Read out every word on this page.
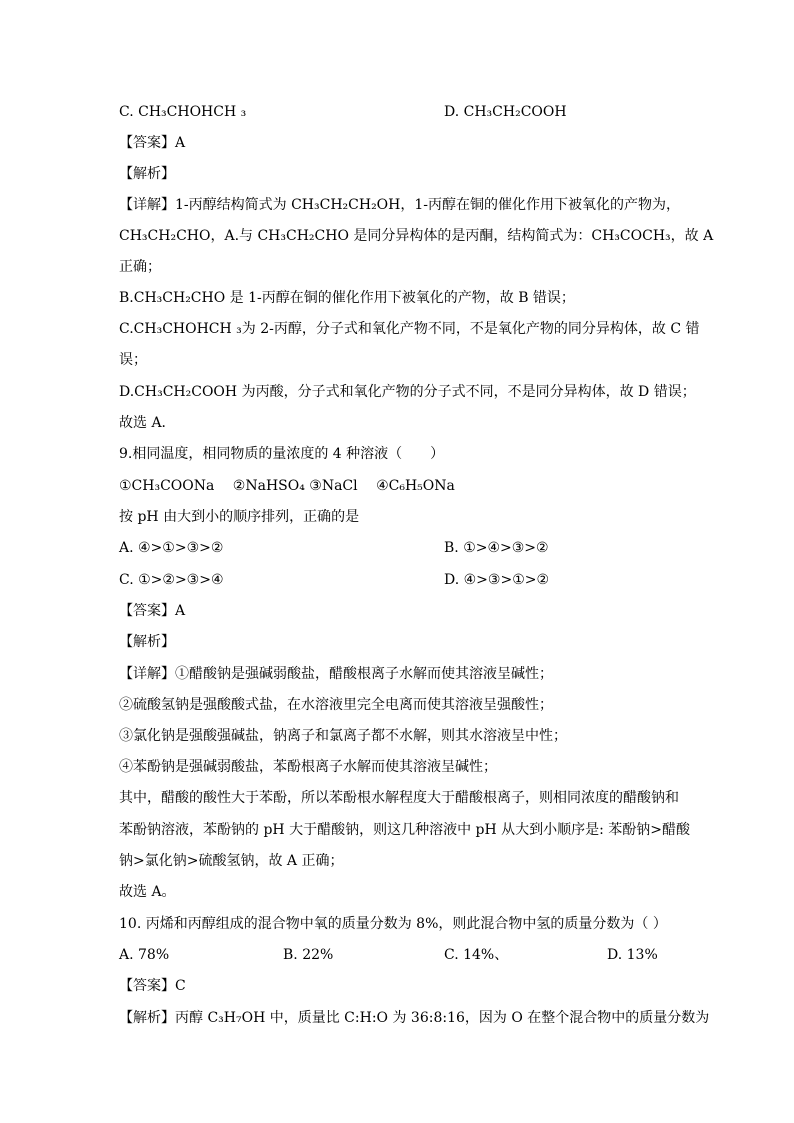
C. CH₃CHOHCH ₃	D. CH₃CH₂COOH
【答案】A
【解析】
【详解】1-丙醇结构简式为 CH₃CH₂CH₂OH，1-丙醇在铜的催化作用下被氧化的产物为，
CH₃CH₂CHO，A.与 CH₃CH₂CHO 是同分异构体的是丙酮，结构简式为：CH₃COCH₃，故 A
正确；
B.CH₃CH₂CHO 是 1-丙醇在铜的催化作用下被氧化的产物，故 B 错误；
C.CH₃CHOHCH ₃为 2-丙醇，分子式和氧化产物不同，不是氧化产物的同分异构体，故 C 错
误；
D.CH₃CH₂COOH 为丙酸，分子式和氧化产物的分子式不同，不是同分异构体，故 D 错误；
故选 A．
9.相同温度，相同物质的量浓度的 4 种溶液（　　）
①CH₃COONa　 ②NaHSO₄ ③NaCl　 ④C₆H₅ONa
按 pH 由大到小的顺序排列，正确的是
A. ④>①>③>②	B. ①>④>③>②
C. ①>②>③>④	D. ④>③>①>②
【答案】A
【解析】
【详解】①醋酸钠是强碱弱酸盐，醋酸根离子水解而使其溶液呈碱性；
②硫酸氢钠是强酸酸式盐，在水溶液里完全电离而使其溶液呈强酸性；
③氯化钠是强酸强碱盐，钠离子和氯离子都不水解，则其水溶液呈中性；
④苯酚钠是强碱弱酸盐，苯酚根离子水解而使其溶液呈碱性；
其中，醋酸的酸性大于苯酚，所以苯酚根水解程度大于醋酸根离子，则相同浓度的醋酸钠和
苯酚钠溶液，苯酚钠的 pH 大于醋酸钠，则这几种溶液中 pH 从大到小顺序是: 苯酚钠>醋酸
钠>氯化钠>硫酸氢钠，故 A 正确；
故选 A。
10. 丙烯和丙醇组成的混合物中氧的质量分数为 8%，则此混合物中氢的质量分数为（ ）
A. 78%	B. 22%	C. 14%、	D. 13%
【答案】C
【解析】丙醇 C₃H₇OH 中，质量比 C:H:O 为 36:8:16，因为 O 在整个混合物中的质量分数为
